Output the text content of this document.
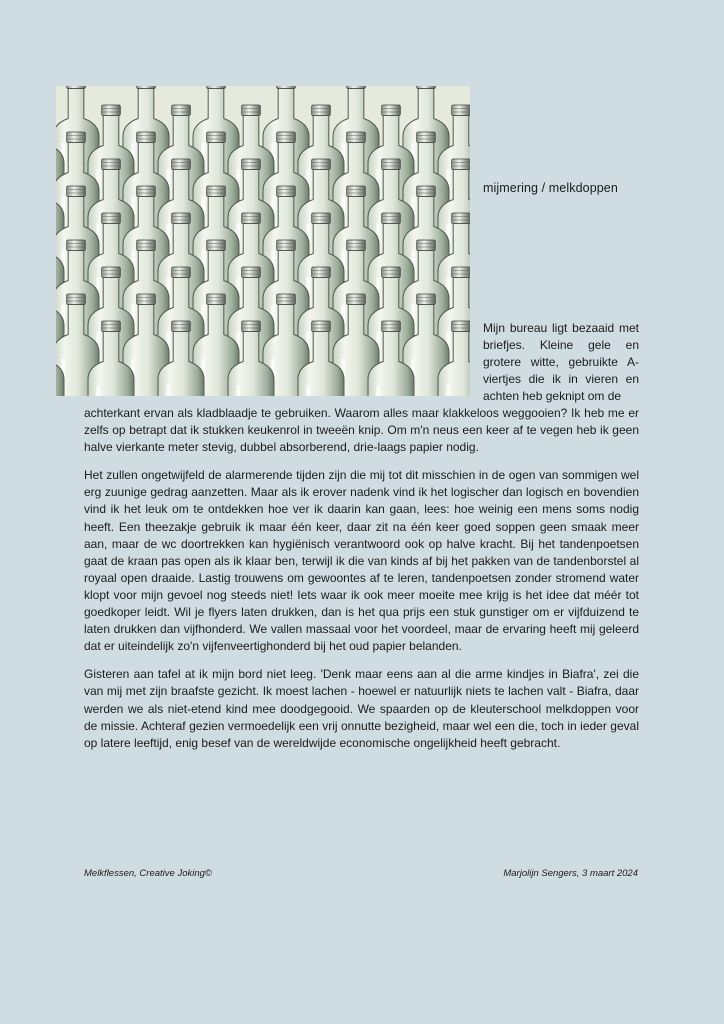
mijmering / melkdoppen
Mijn bureau ligt bezaaid met briefjes. Kleine gele en grotere witte, gebruikte A-viertjes die ik in vieren en achten heb geknipt om de

achterkant ervan als kladblaadje te gebruiken. Waarom alles maar klakkeloos weggooien? Ik heb me er zelfs op betrapt dat ik stukken keukenrol in tweeën knip. Om m'n neus een keer af te vegen heb ik geen halve vierkante meter stevig, dubbel absorberend, drie-laags papier nodig.

Het zullen ongetwijfeld de alarmerende tijden zijn die mij tot dit misschien in de ogen van sommigen wel erg zuunige gedrag aanzetten. Maar als ik erover nadenk vind ik het logischer dan logisch en bovendien vind ik het leuk om te ontdekken hoe ver ik daarin kan gaan, lees: hoe weinig een mens soms nodig heeft. Een theezakje gebruik ik maar één keer, daar zit na één keer goed soppen geen smaak meer aan, maar de wc doortrekken kan hygiënisch verantwoord ook op halve kracht. Bij het tandenpoetsen gaat de kraan pas open als ik klaar ben, terwijl ik die van kinds af bij het pakken van de tandenborstel al royaal open draaide. Lastig trouwens om gewoontes af te leren, tandenpoetsen zonder stromend water klopt voor mijn gevoel nog steeds niet! Iets waar ik ook meer moeite mee krijg is het idee dat méér tot goedkoper leidt. Wil je flyers laten drukken, dan is het qua prijs een stuk gunstiger om er vijfduizend te laten drukken dan vijfhonderd. We vallen massaal voor het voordeel, maar de ervaring heeft mij geleerd dat er uiteindelijk zo'n vijfenveertighonderd bij het oud papier belanden.

Gisteren aan tafel at ik mijn bord niet leeg. 'Denk maar eens aan al die arme kindjes in Biafra', zei die van mij met zijn braafste gezicht. Ik moest lachen - hoewel er natuurlijk niets te lachen valt - Biafra, daar werden we als niet-etend kind mee doodgegooid. We spaarden op de kleuterschool melkdoppen voor de missie. Achteraf gezien vermoedelijk een vrij onnutte bezigheid, maar wel een die, toch in ieder geval op latere leeftijd, enig besef van de wereldwijde economische ongelijkheid heeft gebracht.

Melkflessen, Creative Joking©	Marjolijn Sengers, 3 maart 2024
